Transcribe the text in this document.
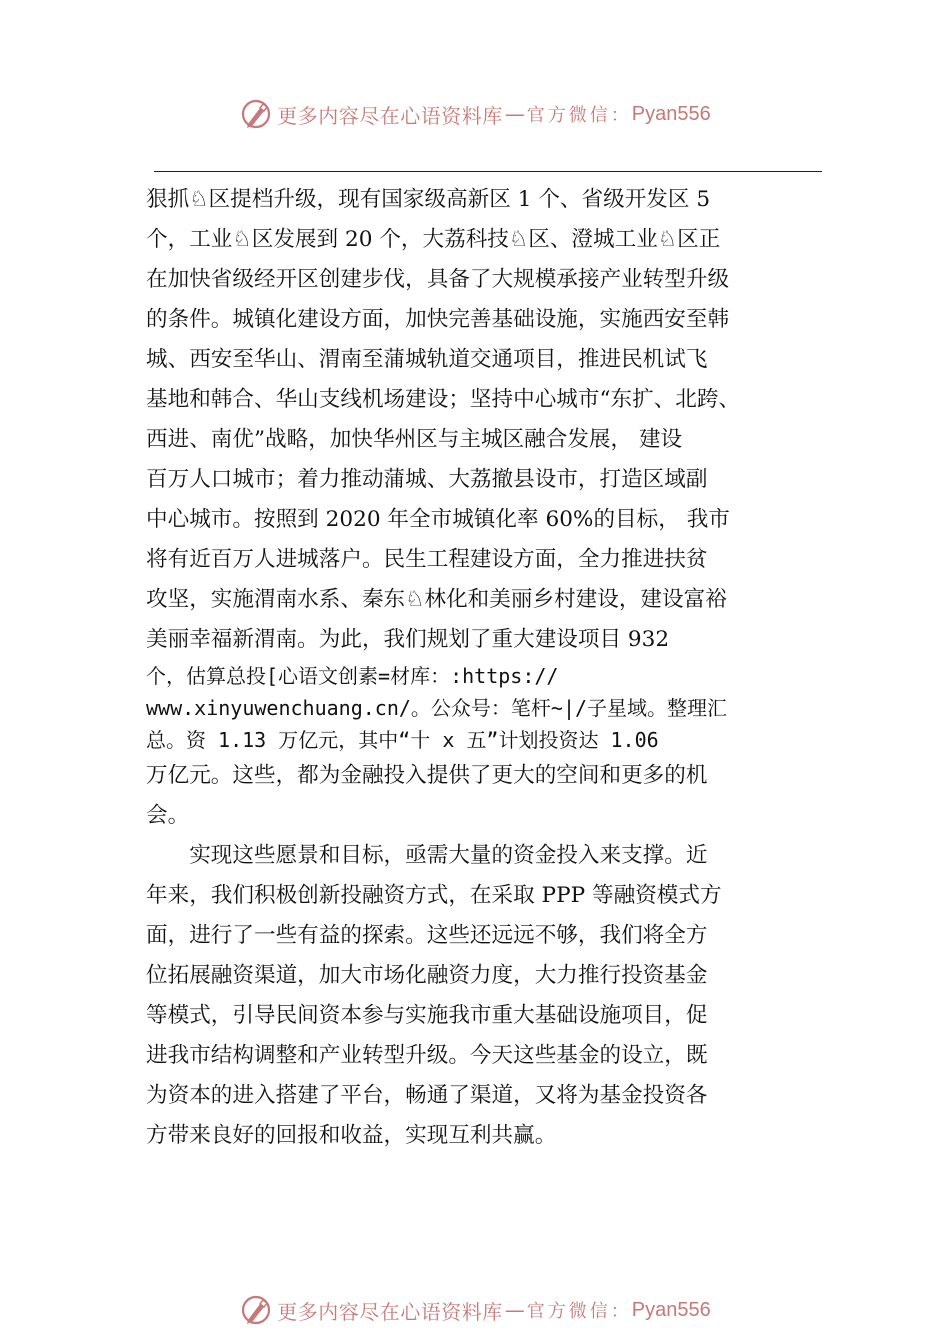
更多内容尽在心语资料库 — 官方微信： Pyan556
狠抓♘区提档升级，现有国家级高新区 1 个、省级开发区 5
个，工业♘区发展到 20 个，大荔科技♘区、澄城工业♘区正
在加快省级经开区创建步伐，具备了大规模承接产业转型升级
的条件。城镇化建设方面，加快完善基础设施，实施西安至韩
城、西安至华山、渭南至蒲城轨道交通项目，推进民机试飞
基地和韩合、华山支线机场建设；坚持中心城市“东扩、北跨、
西进、南优”战略，加快华州区与主城区融合发展， 建设
百万人口城市；着力推动蒲城、大荔撤县设市，打造区域副
中心城市。按照到 2020 年全市城镇化率 60%的目标， 我市
将有近百万人进城落户。民生工程建设方面，全力推进扶贫
攻坚，实施渭南水系、秦东♘林化和美丽乡村建设，建设富裕
美丽幸福新渭南。为此，我们规划了重大建设项目 932
个，估算总投[心语文创素=材库：:https://
www.xinyuwenchuang.cn/。公众号：笔杆~|/子星域。整理汇
总。资 1.13 万亿元，其中“十 x 五”计划投资达 1.06
万亿元。这些，都为金融投入提供了更大的空间和更多的机
会。
　　实现这些愿景和目标，亟需大量的资金投入来支撑。近
年来，我们积极创新投融资方式，在采取 PPP 等融资模式方
面，进行了一些有益的探索。这些还远远不够，我们将全方
位拓展融资渠道，加大市场化融资力度，大力推行投资基金
等模式，引导民间资本参与实施我市重大基础设施项目，促
进我市结构调整和产业转型升级。今天这些基金的设立，既
为资本的进入搭建了平台，畅通了渠道，又将为基金投资各
方带来良好的回报和收益，实现互利共赢。
更多内容尽在心语资料库 — 官方微信： Pyan556
